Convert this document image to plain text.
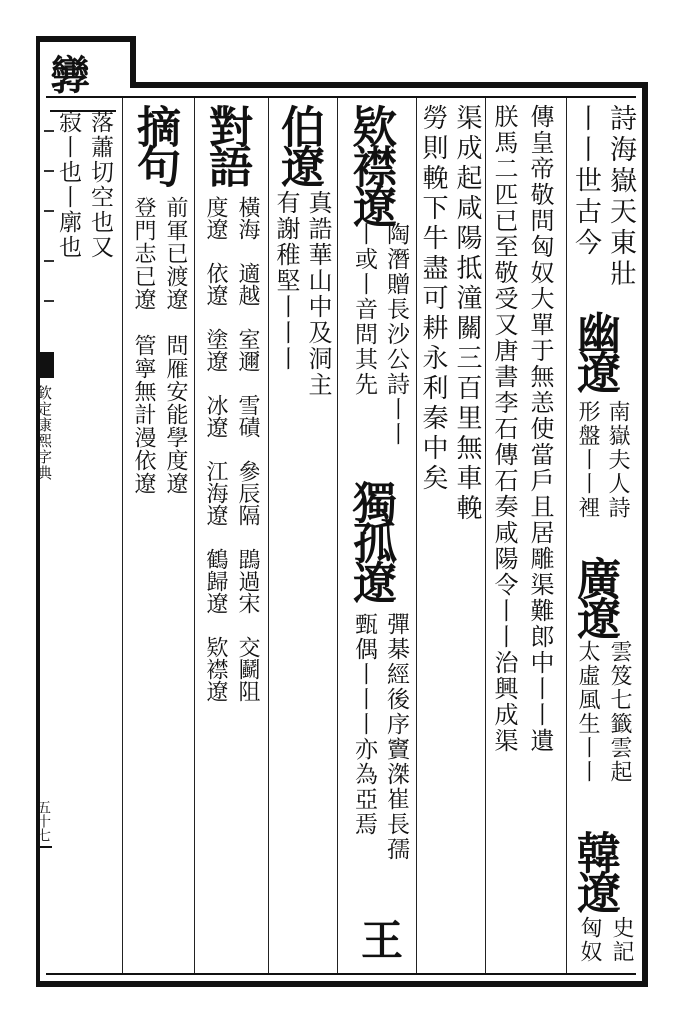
㝈
欽定康熙字典
五十七
詩海嶽天東壯
丨丨世古今
幽遼
南嶽夫人詩
形盤丨丨裡
廣遼
雲笈七籤雲起
太虛風生丨丨
韓遼
史記
匈奴
傳皇帝敬問匈奴大單于無恙使當戶且居雕渠難郎中丨丨遺
朕馬二匹已至敬受又唐書李石傳石奏咸陽令丨丨治興成渠
渠成起咸陽抵潼關三百里無車輓
勞則輓下牛盡可耕永利秦中矣
欵襟遼
陶潛贈長沙公詩丨丨
丨或丨音問其先
獨孤遼
彈棊經後序竇滐崔長孺
甄偶丨丨丨亦為亞焉
王
伯遼
真誥華山中及洞主
有謝稚堅丨丨丨
對語
橫海　適越　室邇　雪磧　參辰隔　鵾過宋　交鬬阻
度遼　依遼　塗遼　冰遼　江海遼　鶴歸遼　欵襟遼
摘句
前軍已渡遼　問雁安能學度遼
登門志已遼　管寧無計漫依遼
落蕭切空也又
寂丨也丨廓也
